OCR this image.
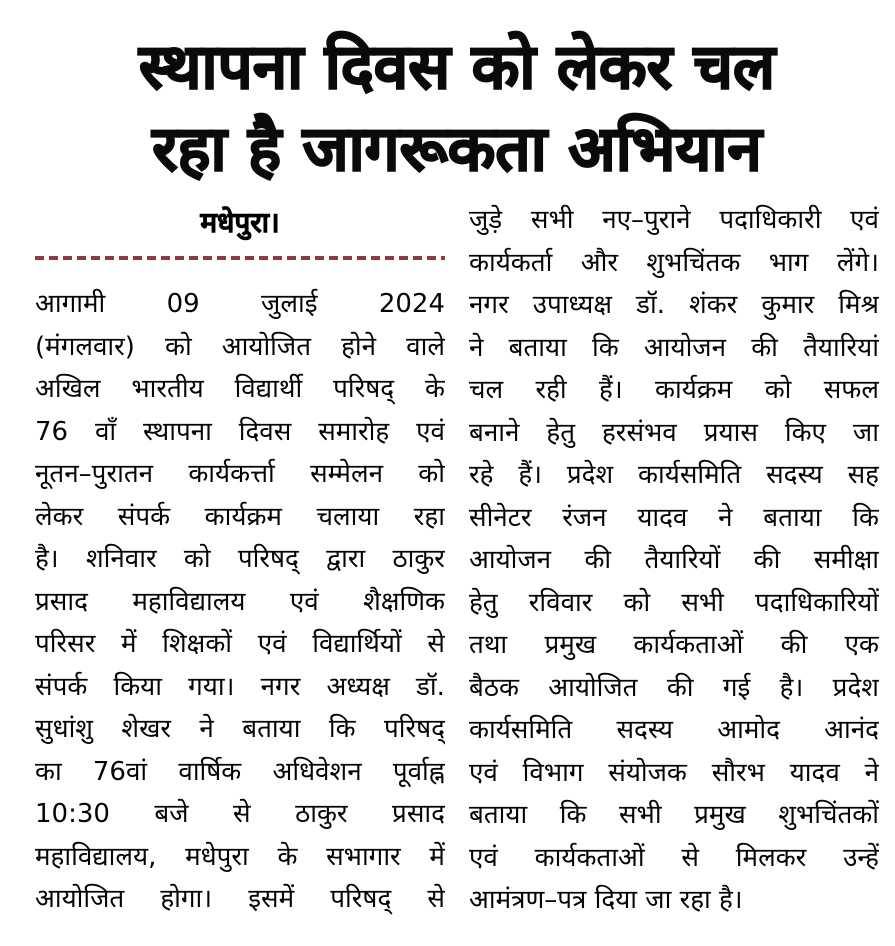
स्थापना दिवस को लेकर चल
रहा है जागरूकता अभियान
मधेपुरा।
आगामी 09 जुलाई 2024
(मंगलवार) को आयोजित होने वाले
अखिल भारतीय विद्यार्थी परिषद् के
76 वाँ स्थापना दिवस समारोह एवं
नूतन–पुरातन कार्यकर्त्ता सम्मेलन को
लेकर संपर्क कार्यक्रम चलाया रहा
है। शनिवार को परिषद् द्वारा ठाकुर
प्रसाद महाविद्यालय एवं शैक्षणिक
परिसर में शिक्षकों एवं विद्यार्थियों से
संपर्क किया गया। नगर अध्यक्ष डॉ.
सुधांशु शेखर ने बताया कि परिषद्
का 76वां वार्षिक अधिवेशन पूर्वाह्न
10:30 बजे से ठाकुर प्रसाद
महाविद्यालय, मधेपुरा के सभागार में
आयोजित होगा। इसमें परिषद् से
जुड़े सभी नए–पुराने पदाधिकारी एवं
कार्यकर्ता और शुभचिंतक भाग लेंगे।
नगर उपाध्यक्ष डॉ. शंकर कुमार मिश्र
ने बताया कि आयोजन की तैयारियां
चल रही हैं। कार्यक्रम को सफल
बनाने हेतु हरसंभव प्रयास किए जा
रहे हैं। प्रदेश कार्यसमिति सदस्य सह
सीनेटर रंजन यादव ने बताया कि
आयोजन की तैयारियों की समीक्षा
हेतु रविवार को सभी पदाधिकारियों
तथा प्रमुख कार्यकताओं की एक
बैठक आयोजित की गई है। प्रदेश
कार्यसमिति सदस्य आमोद आनंद
एवं विभाग संयोजक सौरभ यादव ने
बताया कि सभी प्रमुख शुभचिंतकों
एवं कार्यकताओं से मिलकर उन्हें
आमंत्रण–पत्र दिया जा रहा है।
